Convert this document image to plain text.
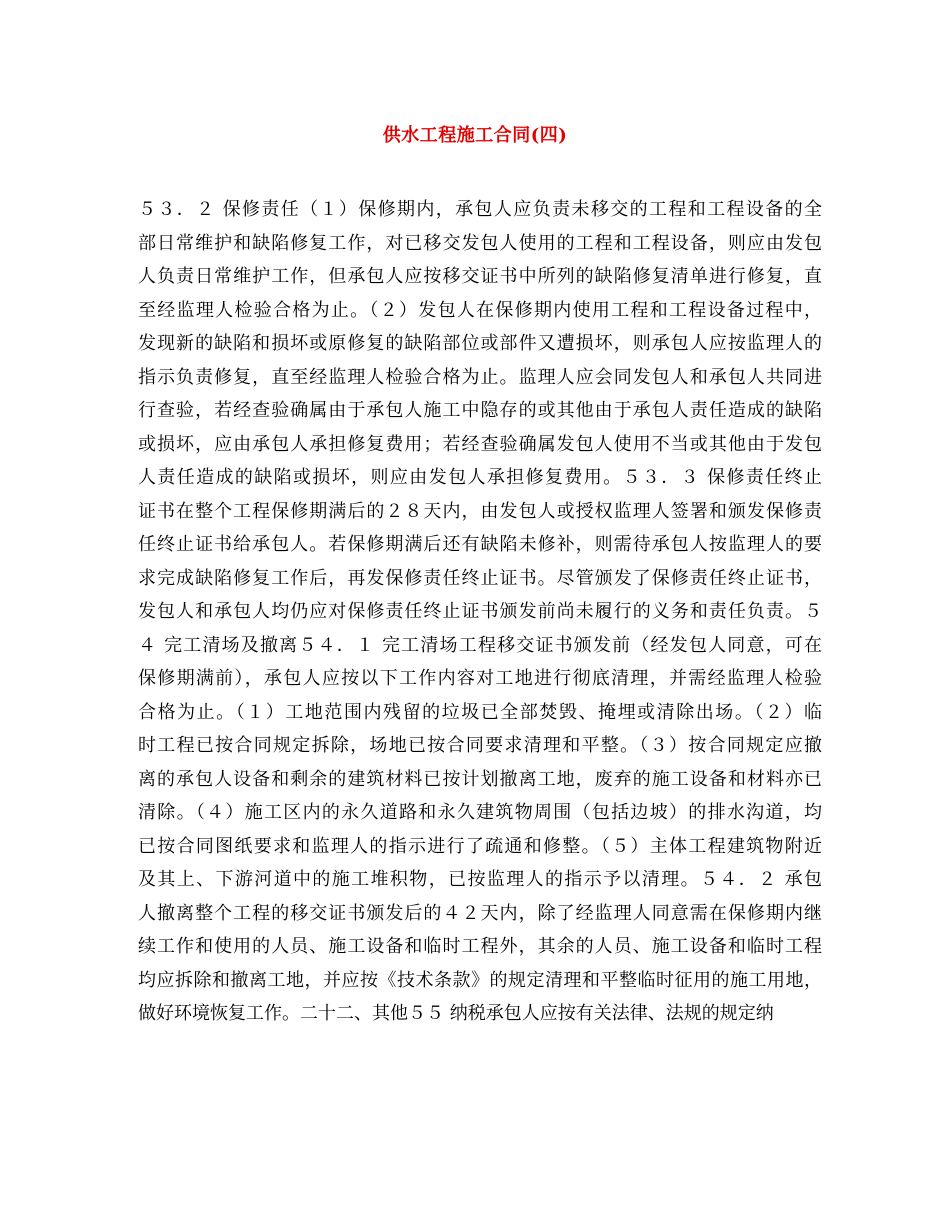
供水工程施工合同(四)
５３．２ 保修责任（１）保修期内，承包人应负责未移交的工程和工程设备的全
部日常维护和缺陷修复工作，对已移交发包人使用的工程和工程设备，则应由发包
人负责日常维护工作，但承包人应按移交证书中所列的缺陷修复清单进行修复，直
至经监理人检验合格为止。（２）发包人在保修期内使用工程和工程设备过程中，
发现新的缺陷和损坏或原修复的缺陷部位或部件又遭损坏，则承包人应按监理人的
指示负责修复，直至经监理人检验合格为止。监理人应会同发包人和承包人共同进
行查验，若经查验确属由于承包人施工中隐存的或其他由于承包人责任造成的缺陷
或损坏，应由承包人承担修复费用；若经查验确属发包人使用不当或其他由于发包
人责任造成的缺陷或损坏，则应由发包人承担修复费用。５３．３ 保修责任终止
证书在整个工程保修期满后的２８天内，由发包人或授权监理人签署和颁发保修责
任终止证书给承包人。若保修期满后还有缺陷未修补，则需待承包人按监理人的要
求完成缺陷修复工作后，再发保修责任终止证书。尽管颁发了保修责任终止证书，
发包人和承包人均仍应对保修责任终止证书颁发前尚未履行的义务和责任负责。５
４ 完工清场及撤离５４．１ 完工清场工程移交证书颁发前（经发包人同意，可在
保修期满前），承包人应按以下工作内容对工地进行彻底清理，并需经监理人检验
合格为止。（１）工地范围内残留的垃圾已全部焚毁、掩埋或清除出场。（２）临
时工程已按合同规定拆除，场地已按合同要求清理和平整。（３）按合同规定应撤
离的承包人设备和剩余的建筑材料已按计划撤离工地，废弃的施工设备和材料亦已
清除。（４）施工区内的永久道路和永久建筑物周围（包括边坡）的排水沟道，均
已按合同图纸要求和监理人的指示进行了疏通和修整。（５）主体工程建筑物附近
及其上、下游河道中的施工堆积物，已按监理人的指示予以清理。５４．２ 承包
人撤离整个工程的移交证书颁发后的４２天内，除了经监理人同意需在保修期内继
续工作和使用的人员、施工设备和临时工程外，其余的人员、施工设备和临时工程
均应拆除和撤离工地，并应按《技术条款》的规定清理和平整临时征用的施工用地，
做好环境恢复工作。二十二、其他５５ 纳税承包人应按有关法律、法规的规定纳
